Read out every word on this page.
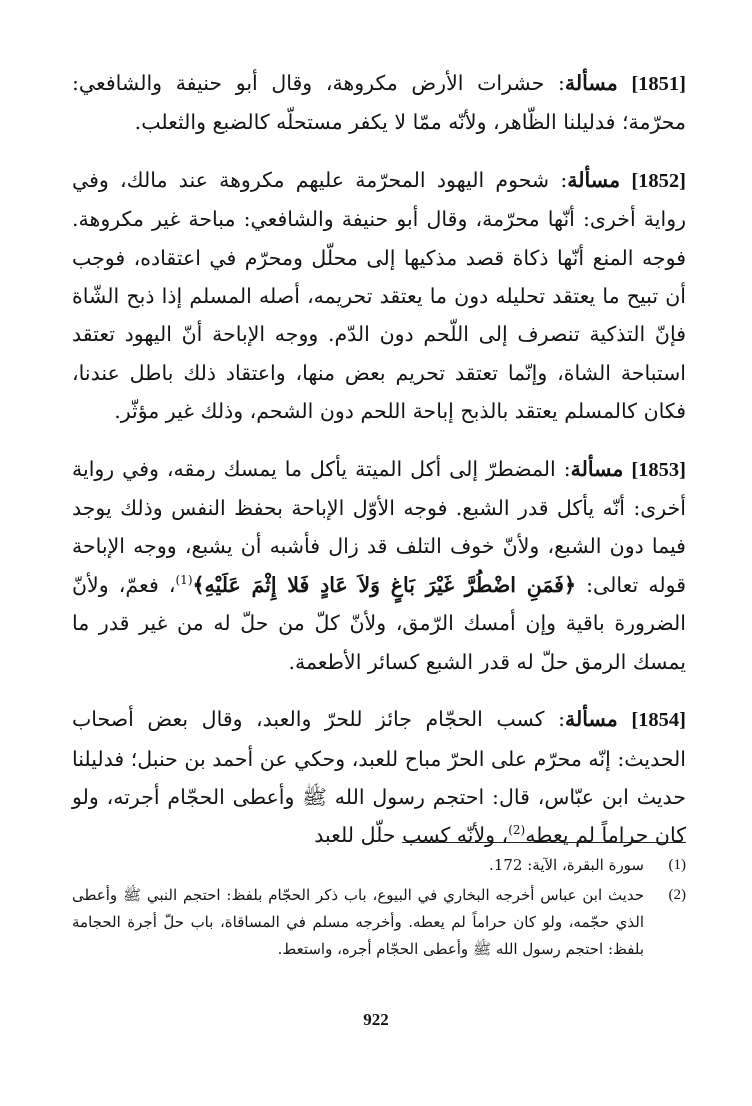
[1851] مسألة: حشرات الأرض مكروهة، وقال أبو حنيفة والشافعي: محرّمة؛ فدليلنا الظّاهر، ولأنّه ممّا لا يكفر مستحلّه كالضبع والثعلب.

[1852] مسألة: شحوم اليهود المحرّمة عليهم مكروهة عند مالك، وفي رواية أخرى: أنّها محرّمة، وقال أبو حنيفة والشافعي: مباحة غير مكروهة. فوجه المنع أنّها ذكاة قصد مذكيها إلى محلّل ومحرّم في اعتقاده، فوجب أن تبيح ما يعتقد تحليله دون ما يعتقد تحريمه، أصله المسلم إذا ذبح الشّاة فإنّ التذكية تنصرف إلى اللّحم دون الدّم. ووجه الإباحة أنّ اليهود تعتقد استباحة الشاة، وإنّما تعتقد تحريم بعض منها، واعتقاد ذلك باطل عندنا، فكان كالمسلم يعتقد بالذبح إباحة اللحم دون الشحم، وذلك غير مؤثّر.

[1853] مسألة: المضطرّ إلى أكل الميتة يأكل ما يمسك رمقه، وفي رواية أخرى: أنّه يأكل قدر الشبع. فوجه الأوّل الإباحة بحفظ النفس وذلك يوجد فيما دون الشبع، ولأنّ خوف التلف قد زال فأشبه أن يشبع، ووجه الإباحة قوله تعالى: ﴿فَمَنِ اضْطُرَّ غَيْرَ بَاغٍ وَلاَ عَادٍ فَلا إِثْمَ عَلَيْهِ﴾$^{(1)}$، فعمّ، ولأنّ الضرورة باقية وإن أمسك الرّمق، ولأنّ كلّ من حلّ له من غير قدر ما يمسك الرمق حلّ له قدر الشبع كسائر الأطعمة.

[1854] مسألة: كسب الحجّام جائز للحرّ والعبد، وقال بعض أصحاب الحديث: إنّه محرّم على الحرّ مباح للعبد، وحكي عن أحمد بن حنبل؛ فدليلنا حديث ابن عبّاس، قال: احتجم رسول الله ﷺ وأعطى الحجّام أجرته، ولو كان حراماً لم يعطه$^{(2)}$، ولأنّه كسب حلّل للعبد

(1)
سورة البقرة، الآية: 172.
(2)
حديث ابن عباس أخرجه البخاري في البيوع، باب ذكر الحجّام بلفظ: احتجم النبي ﷺ وأعطى الذي حجّمه، ولو كان حراماً لم يعطه. وأخرجه مسلم في المساقاة، باب حلّ أجرة الحجامة بلفظ: احتجم رسول الله ﷺ وأعطى الحجّام أجره، واستعط.
922
